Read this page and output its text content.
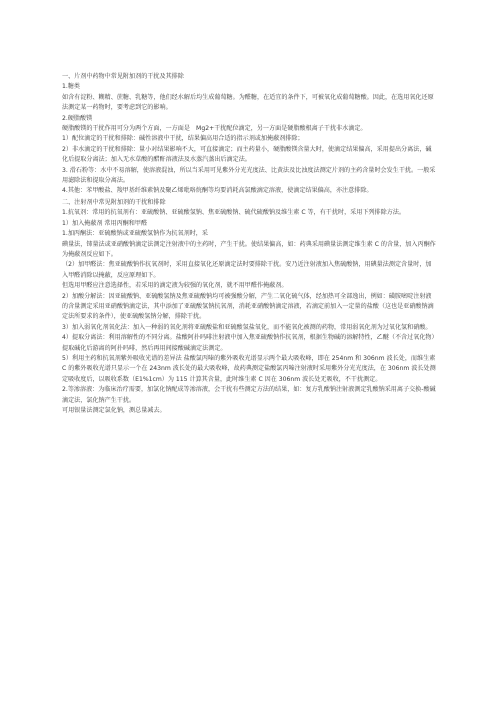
一、片剂中药物中常见附加剂的干扰及其排除

1.糖类

如含有淀粉、糊精、蔗糖、乳糖等，他们经水解后均生成葡萄糖。为醛糖，在适宜的条件下，可被氧化成葡萄糖酸。因此，在选用氧化还原法测定某一药物时，要考虑到它的影响。

2.硬脂酸镁

硬脂酸镁的干扰作用可分为两个方面，一方面是　Mg2+干扰配位滴定，另一方面是硬脂酸根离子干扰非水滴定。

1）配位滴定的干扰和排除：碱性溶液中干扰，结果偏高用合适的指示剂或加掩蔽剂排除；

2）非水滴定的干扰和排除：量小对结果影响不大，可直接滴定；而主药量小，硬脂酸镁含量大时，使滴定结果偏高，采用提出分离法，碱化后提取分离法；加入无水草酸的醋酐溶液法及水蒸汽蒸出后滴定法。

3. 滑石粉等：水中不易溶解，使溶液混浊，所以当采用可见紫外分光光度法、比黄法及比浊度法测定片剂的主药含量时会发生干扰。一般采用滤除法和提取分离法。

4.其他：苯甲酸盐、羧甲基纤维素钠及聚乙烯吡咯烷酮等均要消耗高氯酸滴定溶液，使滴定结果偏高，亦注意排除。

二、注射剂中常见附加剂的干扰和排除

1.抗氧剂：常用的抗氧剂有：亚硫酸钠、亚硫酸氢钠、焦亚硫酸钠、硫代硫酸钠及维生素 C 等，有干扰时，采用下列排除方法。

1）加入掩蔽剂 常用丙酮和甲醛

1.加丙酮法：亚硫酸钠或亚硫酸氢钠作为抗氧剂时，采

碘量法，铈量法或亚硝酸钠滴定法测定注射液中的主药时，产生干扰。使结果偏高，如：药典采用碘量法测定维生素 C 的含量，加入丙酮作为掩蔽剂反应如下。

（2）加甲醛法：焦亚硫酸钠作抗氧剂时，采用直接氧化还原滴定法时要排除干扰。安乃近注射液加入焦硫酸钠，用碘量法测定含量时，加入甲醛消除以掩蔽，反应原理如下。

但选用甲醛应注意选择性，若采用的滴定液为较强的氧化剂，就不用甲醛作掩蔽剂。

2）加酸分解法：因亚硫酸钠、亚硫酸氢钠及焦亚硫酸钠均可被强酸分解，产生二氧化硫气体，经加热可全部逸出，例如：磺胺嘧啶注射液的含量测定采用亚硝酸钠滴定法，其中添加了亚硫酸氢钠抗氧剂，消耗亚硝酸钠滴定溶液，若滴定前加入一定量的盐酸（这也是亚硝酸钠滴定法所要求的条件），使亚硫酸氢钠分解，排除干扰。

3）加入弱氧化剂氧化法：加入一种弱的氧化剂将亚硫酸盐和亚硫酸氢盐氧化，而不能氧化被测的药物，常用弱氧化剂为过氧化氢和硝酸。

4）提取分离法：利用溶解性的不同分离。盐酸阿扑吗啡注射液中加入焦亚硫酸钠作抗氧剂，根据生物碱的溶解特性，乙醚（不含过氧化物）提取碱化后游离的阿扑吗啡，然后再用间接酸碱滴定法测定。

5）利用主药和抗氧剂紫外吸收光谱的差异法 盐酸氯丙嗪的紫外吸收光谱显示两个最大吸收峰，即在 254nm 和 306nm 波长处，而维生素 C 的紫外吸收光谱只显示一个在 243nm 波长处的最大吸收峰，故药典测定盐酸氯丙嗪注射液时采用紫外分光光度法，在 306nm 波长处测定吸收度后，以吸收系数（E1%1cm）为 115 计算其含量，此时维生素 C 因在 306nm 波长处无吸收，不干扰测定。

2.等渗溶液：为临床治疗需要，加氯化钠配成等渗溶液，会干扰有些测定方法的结果，如：复方乳酸钠注射液测定乳酸钠采用离子交换-酸碱滴定法，氯化钠产生干扰。

可用银量法测定氯化钠，测总量减去。
